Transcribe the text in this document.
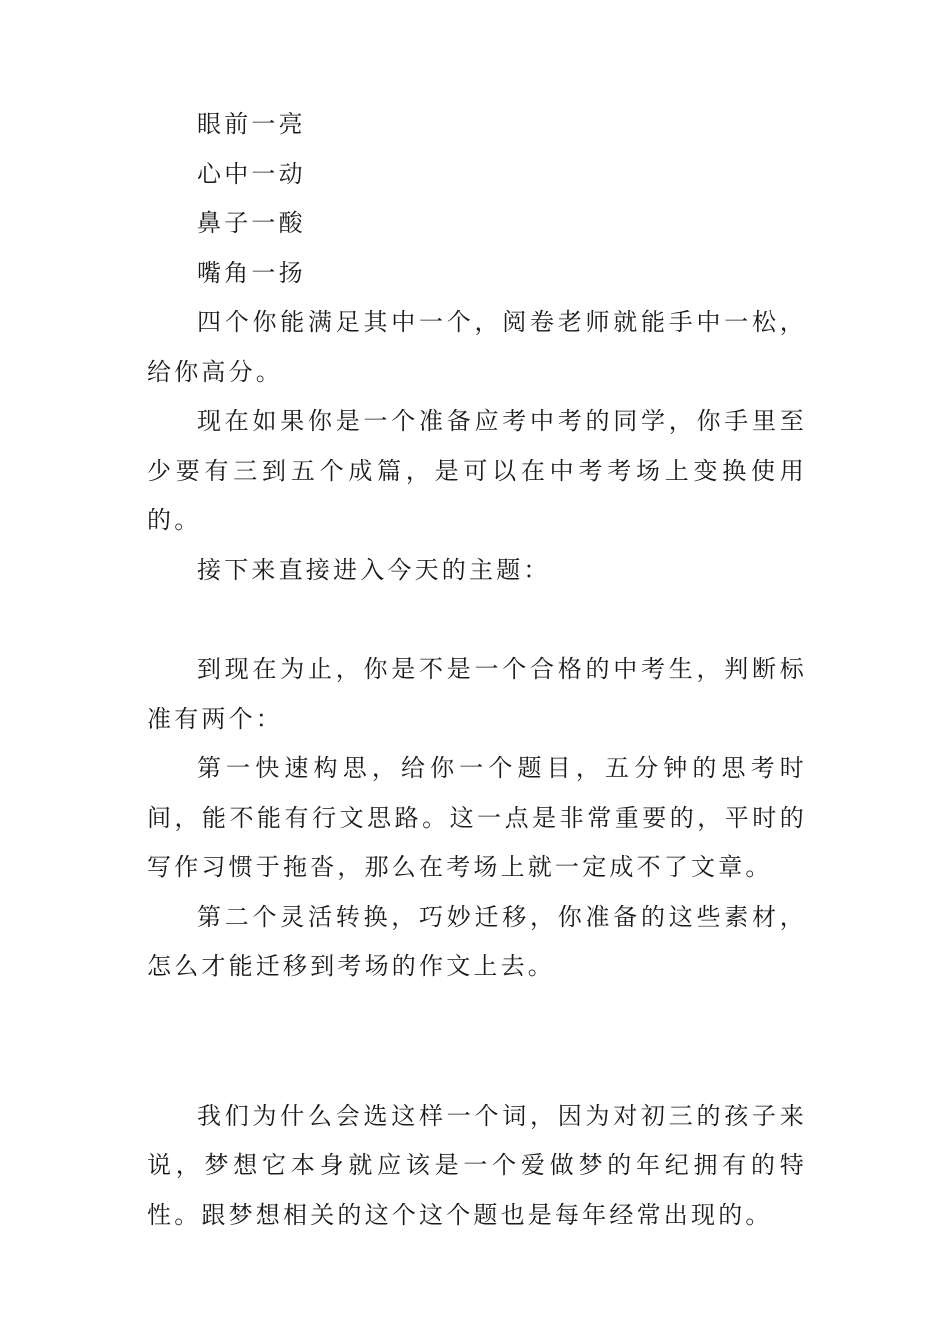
眼前一亮

心中一动

鼻子一酸

嘴角一扬

四个你能满足其中一个，阅卷老师就能手中一松，给你高分。

现在如果你是一个准备应考中考的同学，你手里至少要有三到五个成篇，是可以在中考考场上变换使用的。

接下来直接进入今天的主题：

到现在为止，你是不是一个合格的中考生，判断标准有两个：

第一快速构思，给你一个题目，五分钟的思考时间，能不能有行文思路。这一点是非常重要的，平时的写作习惯于拖沓，那么在考场上就一定成不了文章。

第二个灵活转换，巧妙迁移，你准备的这些素材，怎么才能迁移到考场的作文上去。

我们为什么会选这样一个词，因为对初三的孩子来说，梦想它本身就应该是一个爱做梦的年纪拥有的特性。跟梦想相关的这个这个题也是每年经常出现的。
